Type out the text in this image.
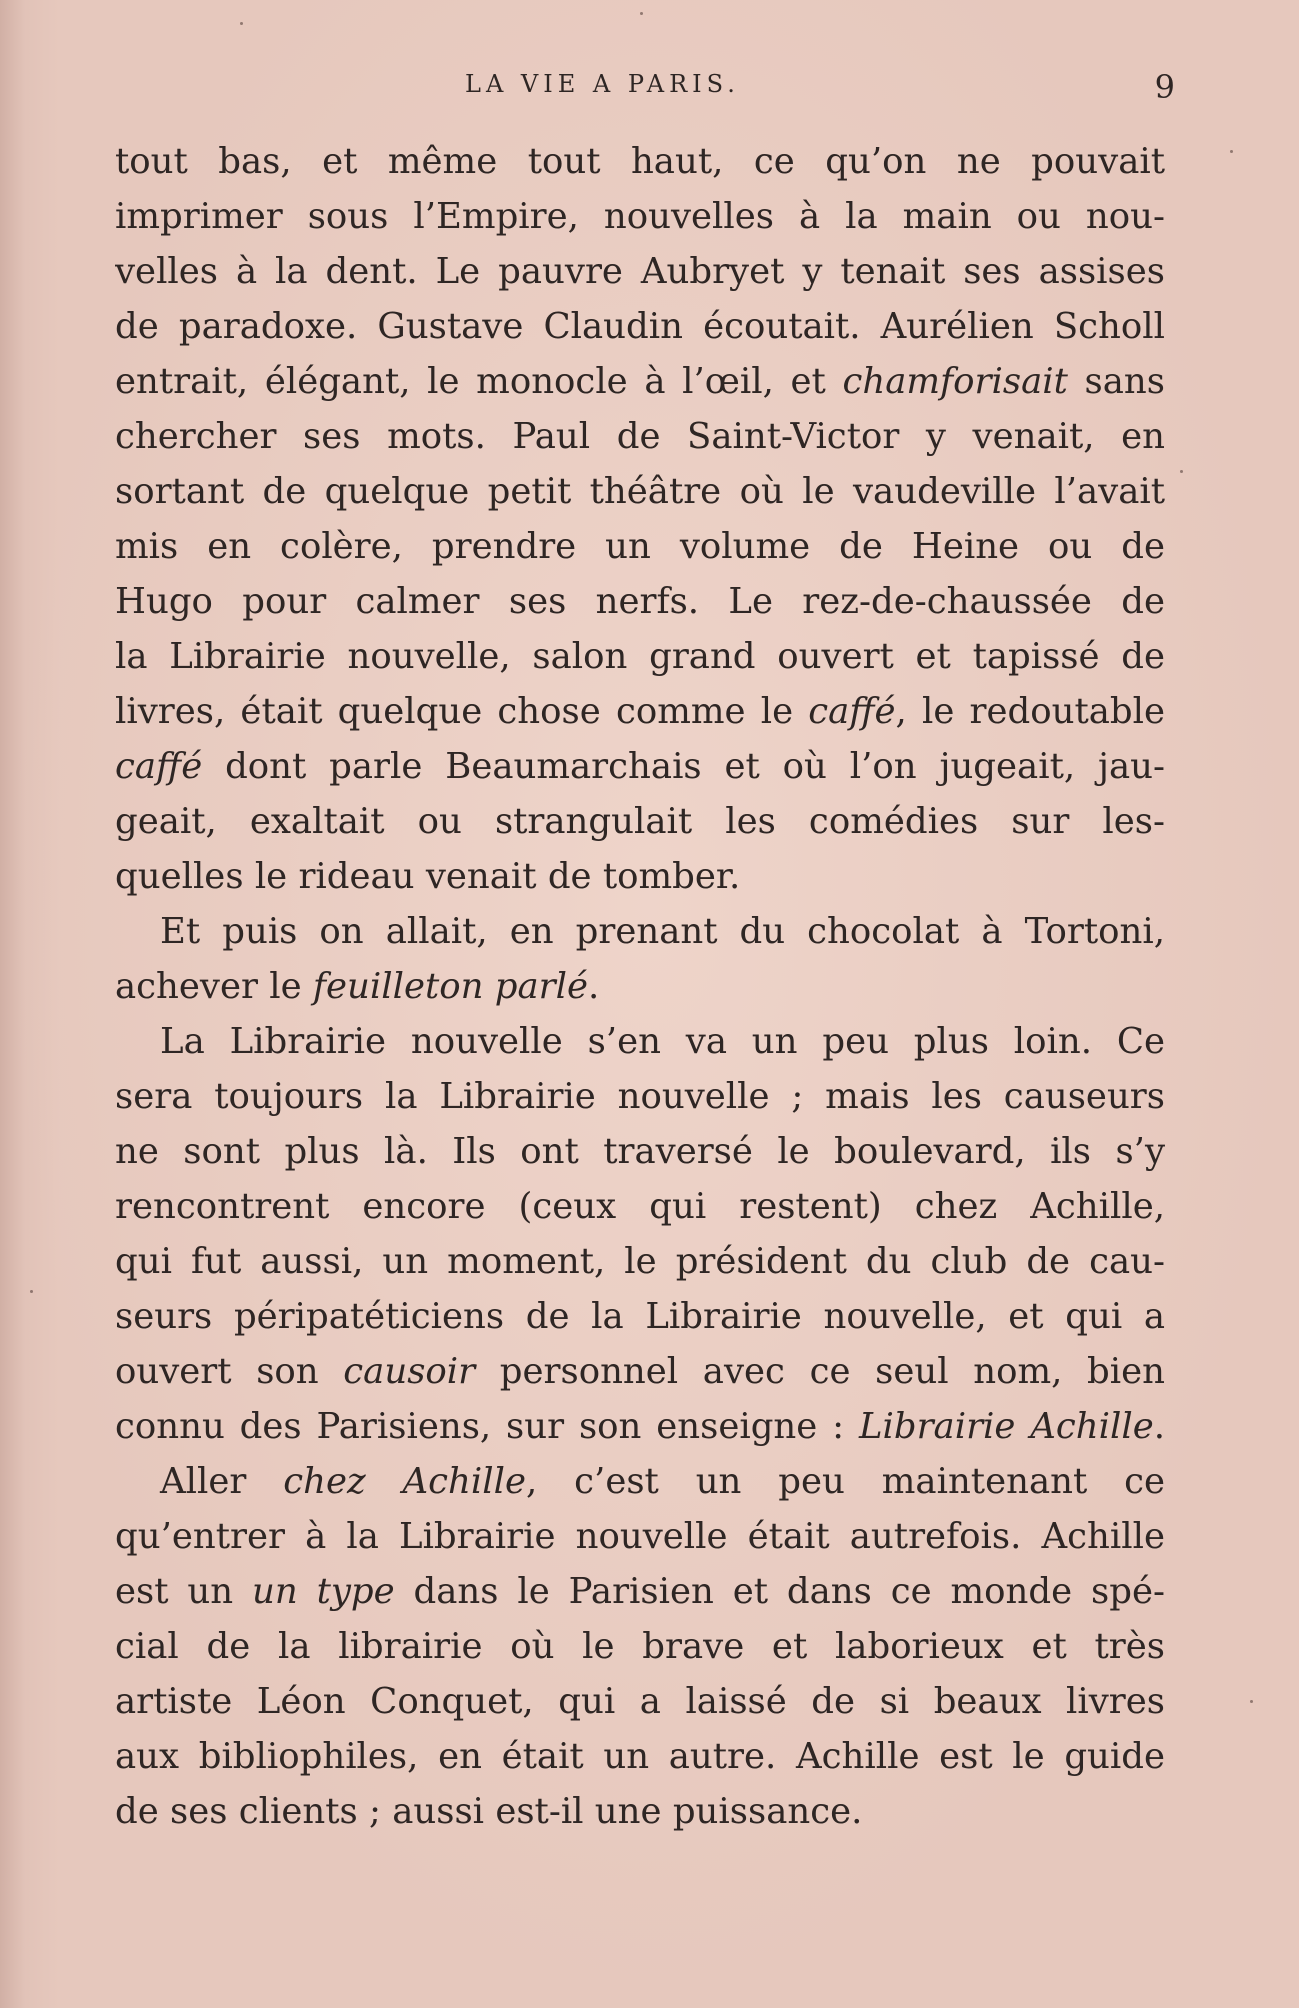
LA VIE A PARIS.	9
tout bas, et même tout haut, ce qu’on ne pouvait
imprimer sous l’Empire, nouvelles à la main ou nou-
velles à la dent. Le pauvre Aubryet y tenait ses assises
de paradoxe. Gustave Claudin écoutait. Aurélien Scholl
entrait, élégant, le monocle à l’œil, et chamforisait sans
chercher ses mots. Paul de Saint-Victor y venait, en
sortant de quelque petit théâtre où le vaudeville l’avait
mis en colère, prendre un volume de Heine ou de
Hugo pour calmer ses nerfs. Le rez-de-chaussée de
la Librairie nouvelle, salon grand ouvert et tapissé de
livres, était quelque chose comme le caffé, le redoutable
caffé dont parle Beaumarchais et où l’on jugeait, jau-
geait, exaltait ou strangulait les comédies sur les-
quelles le rideau venait de tomber.
Et puis on allait, en prenant du chocolat à Tortoni,
achever le feuilleton parlé.
La Librairie nouvelle s’en va un peu plus loin. Ce
sera toujours la Librairie nouvelle ; mais les causeurs
ne sont plus là. Ils ont traversé le boulevard, ils s’y
rencontrent encore (ceux qui restent) chez Achille,
qui fut aussi, un moment, le président du club de cau-
seurs péripatéticiens de la Librairie nouvelle, et qui a
ouvert son causoir personnel avec ce seul nom, bien
connu des Parisiens, sur son enseigne : Librairie Achille.
Aller chez Achille, c’est un peu maintenant ce
qu’entrer à la Librairie nouvelle était autrefois. Achille
est un un type dans le Parisien et dans ce monde spé-
cial de la librairie où le brave et laborieux et très
artiste Léon Conquet, qui a laissé de si beaux livres
aux bibliophiles, en était un autre. Achille est le guide
de ses clients ; aussi est-il une puissance.
